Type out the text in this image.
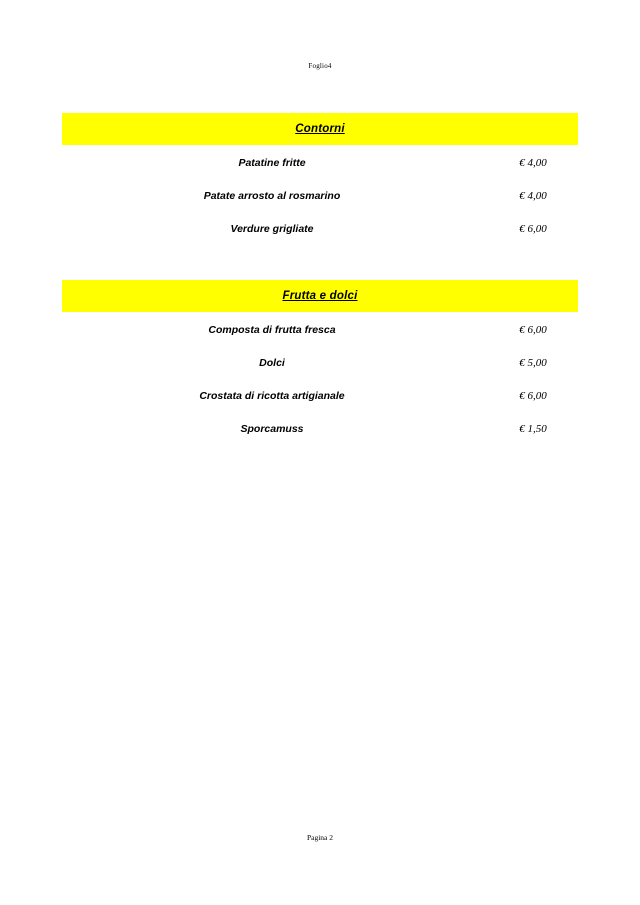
Foglio4
Contorni
Patatine fritte	€ 4,00
Patate arrosto al rosmarino	€ 4,00
Verdure grigliate	€ 6,00
Frutta e dolci
Composta di frutta fresca	€ 6,00
Dolci	€ 5,00
Crostata di ricotta artigianale	€ 6,00
Sporcamuss	€ 1,50
Pagina 2
